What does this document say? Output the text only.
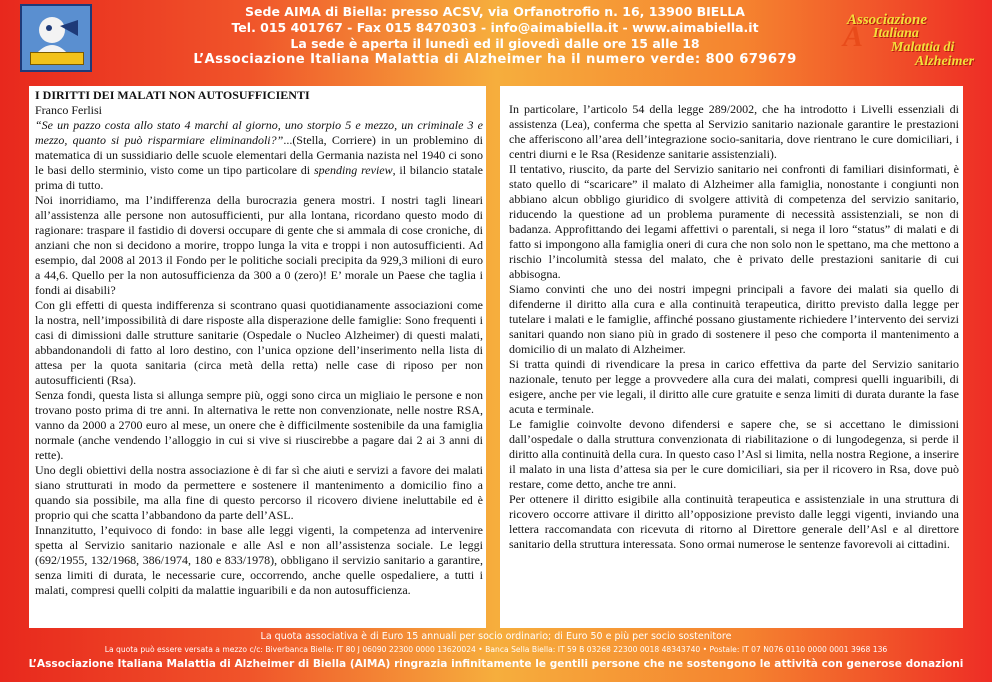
Sede AIMA di Biella: presso ACSV, via Orfanotrofio n. 16, 13900 BIELLA
Tel. 015 401767 - Fax 015 8470303 - info@aimabiella.it - www.aimabiella.it
La sede è aperta il lunedì ed il giovedì dalle ore 15 alle 18
L’Associazione Italiana Malattia di Alzheimer ha il numero verde: 800 679679
A
Associazione
Italiana
Malattia di
Alzheimer

I DIRITTI DEI MALATI NON AUTOSUFFICIENTI

Franco Ferlisi

“Se un pazzo costa allo stato 4 marchi al giorno, uno storpio 5 e mezzo, un criminale 3 e mezzo, quanto si può risparmiare eliminandoli?”...(Stella, Corriere) in un problemino di matematica di un sussidiario delle scuole elementari della Germania nazista nel 1940 ci sono le basi dello sterminio, visto come un tipo particolare di spending review, il bilancio statale prima di tutto.

Noi inorridiamo, ma l’indifferenza della burocrazia genera mostri. I nostri tagli lineari all’assistenza alle persone non autosufficienti, pur alla lontana, ricordano questo modo di ragionare: traspare il fastidio di doversi occupare di gente che si ammala di cose croniche, di anziani che non si decidono a morire, troppo lunga la vita e troppi i non autosufficienti. Ad esempio, dal 2008 al 2013 il Fondo per le politiche sociali precipita da 929,3 milioni di euro a 44,6. Quello per la non autosufficienza da 300 a 0 (zero)! E’ morale un Paese che taglia i fondi ai disabili?

Con gli effetti di questa indifferenza si scontrano quasi quotidianamente associazioni come la nostra, nell’impossibilità di dare risposte alla disperazione delle famiglie: Sono frequenti i casi di dimissioni dalle strutture sanitarie (Ospedale o Nucleo Alzheimer) di questi malati, abbandonandoli di fatto al loro destino, con l’unica opzione dell’inserimento nella lista di attesa per la quota sanitaria (circa metà della retta) nelle case di riposo per non autosufficienti (Rsa).

Senza fondi, questa lista si allunga sempre più, oggi sono circa un migliaio le persone e non trovano posto prima di tre anni. In alternativa le rette non convenzionate, nelle nostre RSA, vanno da 2000 a 2700 euro al mese, un onere che è difficilmente sostenibile da una famiglia normale (anche vendendo l’alloggio in cui si vive si riuscirebbe a pagare dai 2 ai 3 anni di rette).

Uno degli obiettivi della nostra associazione è di far sì che aiuti e servizi a favore dei malati siano strutturati in modo da permettere e sostenere il mantenimento a domicilio fino a quando sia possibile, ma alla fine di questo percorso il ricovero diviene ineluttabile ed è proprio qui che scatta l’abbandono da parte dell’ASL.

Innanzitutto, l’equivoco di fondo: in base alle leggi vigenti, la competenza ad intervenire spetta al Servizio sanitario nazionale e alle Asl e non all’assistenza sociale. Le leggi (692/1955, 132/1968, 386/1974, 180 e 833/1978), obbligano il servizio sanitario a garantire, senza limiti di durata, le necessarie cure, occorrendo, anche quelle ospedaliere, a tutti i malati, compresi quelli colpiti da malattie inguaribili e da non autosufficienza.

In particolare, l’articolo 54 della legge 289/2002, che ha introdotto i Livelli essenziali di assistenza (Lea), conferma che spetta al Servizio sanitario nazionale garantire le prestazioni che afferiscono all’area dell’integrazione socio-sanitaria, dove rientrano le cure domiciliari, i centri diurni e le Rsa (Residenze sanitarie assistenziali).

Il tentativo, riuscito, da parte del Servizio sanitario nei confronti di familiari disinformati, è stato quello di “scaricare” il malato di Alzheimer alla famiglia, nonostante i congiunti non abbiano alcun obbligo giuridico di svolgere attività di competenza del servizio sanitario, riducendo la questione ad un problema puramente di necessità assistenziali, se non di badanza. Approfittando dei legami affettivi o parentali, si nega il loro “status” di malati e di fatto si impongono alla famiglia oneri di cura che non solo non le spettano, ma che mettono a rischio l’incolumità stessa del malato, che è privato delle prestazioni sanitarie di cui abbisogna.

Siamo convinti che uno dei nostri impegni principali a favore dei malati sia quello di difenderne il diritto alla cura e alla continuità terapeutica, diritto previsto dalla legge per tutelare i malati e le famiglie, affinché possano giustamente richiedere l’intervento dei servizi sanitari quando non siano più in grado di sostenere il peso che comporta il mantenimento a domicilio di un malato di Alzheimer.

Si tratta quindi di rivendicare la presa in carico effettiva da parte del Servizio sanitario nazionale, tenuto per legge a provvedere alla cura dei malati, compresi quelli inguaribili, di esigere, anche per vie legali, il diritto alle cure gratuite e senza limiti di durata durante la fase acuta e terminale.

Le famiglie coinvolte devono difendersi e sapere che, se si accettano le dimissioni dall’ospedale o dalla struttura convenzionata di riabilitazione o di lungodegenza, si perde il diritto alla continuità della cura. In questo caso l’Asl si limita, nella nostra Regione, a inserire il malato in una lista d’attesa sia per le cure domiciliari, sia per il ricovero in Rsa, dove può restare, come detto, anche tre anni.

Per ottenere il diritto esigibile alla continuità terapeutica e assistenziale in una struttura di ricovero occorre attivare il diritto all’opposizione previsto dalle leggi vigenti, inviando una lettera raccomandata con ricevuta di ritorno al Direttore generale dell’Asl e al direttore sanitario della struttura interessata. Sono ormai numerose le sentenze favorevoli ai cittadini.

La quota associativa è di Euro 15 annuali per socio ordinario; di Euro 50 e più per socio sostenitore
La quota può essere versata a mezzo c/c: Biverbanca Biella: IT 80 J 06090 22300 0000 13620024 • Banca Sella Biella: IT 59 B 03268 22300 0018 48343740 • Postale: IT 07 N076 0110 0000 0001 3968 136
L’Associazione Italiana Malattia di Alzheimer di Biella (AIMA) ringrazia infinitamente le gentili persone che ne sostengono le attività con generose donazioni
